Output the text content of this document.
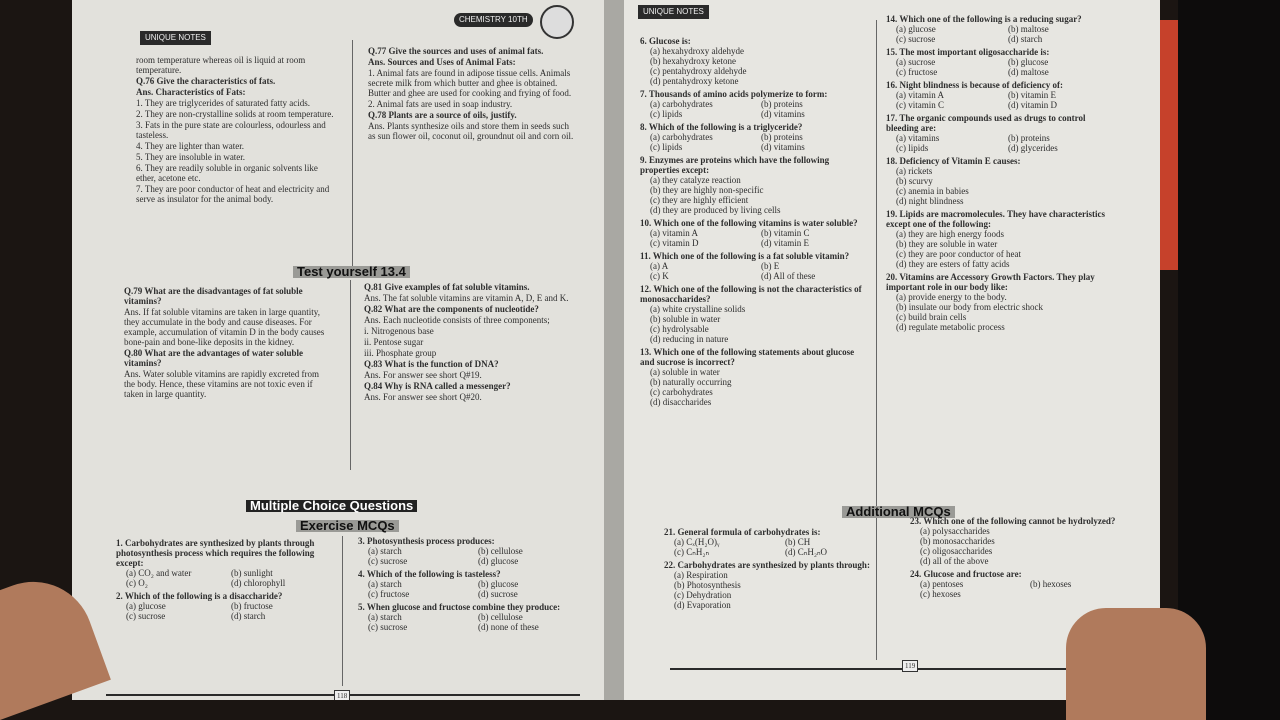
UNIQUE NOTES
CHEMISTRY 10TH

room temperature whereas oil is liquid at room temperature.

Q.76 Give the characteristics of fats.

Ans. Characteristics of Fats:

1. They are triglycerides of saturated fatty acids.

2. They are non-crystalline solids at room temperature.

3. Fats in the pure state are colourless, odourless and tasteless.

4. They are lighter than water.

5. They are insoluble in water.

6. They are readily soluble in organic solvents like ether, acetone etc.

7. They are poor conductor of heat and electricity and serve as insulator for the animal body.

Q.77 Give the sources and uses of animal fats.

Ans. Sources and Uses of Animal Fats:

1. Animal fats are found in adipose tissue cells. Animals secrete milk from which butter and ghee is obtained. Butter and ghee are used for cooking and frying of food.

2. Animal fats are used in soap industry.

Q.78 Plants are a source of oils, justify.

Ans. Plants synthesize oils and store them in seeds such as sun flower oil, coconut oil, groundnut oil and corn oil.

Test yourself 13.4

Q.79 What are the disadvantages of fat soluble vitamins?

Ans. If fat soluble vitamins are taken in large quantity, they accumulate in the body and cause diseases. For example, accumulation of vitamin D in the body causes bone-pain and bone-like deposits in the kidney.

Q.80 What are the advantages of water soluble vitamins?

Ans. Water soluble vitamins are rapidly excreted from the body. Hence, these vitamins are not toxic even if taken in large quantity.

Q.81 Give examples of fat soluble vitamins.

Ans. The fat soluble vitamins are vitamin A, D, E and K.

Q.82 What are the components of nucleotide?

Ans. Each nucleotide consists of three components;

i. Nitrogenous base

ii. Pentose sugar

iii. Phosphate group

Q.83 What is the function of DNA?

Ans. For answer see short Q#19.

Q.84 Why is RNA called a messenger?

Ans. For answer see short Q#20.

Multiple Choice Questions
Exercise MCQs
1. Carbohydrates are synthesized by plants through photosynthesis process which requires the following except:
(a) CO₂ and water	(b) sunlight
(c) O₂	(d) chlorophyll
2. Which of the following is a disaccharide?
(a) glucose	(b) fructose
(c) sucrose	(d) starch
3. Photosynthesis process produces:
(a) starch	(b) cellulose
(c) sucrose	(d) glucose
4. Which of the following is tasteless?
(a) starch	(b) glucose
(c) fructose	(d) sucrose
5. When glucose and fructose combine they produce:
(a) starch	(b) cellulose
(c) sucrose	(d) none of these
118
UNIQUE NOTES
6. Glucose is:
(a) hexahydroxy aldehyde
(b) hexahydroxy ketone
(c) pentahydroxy aldehyde
(d) pentahydroxy ketone
7. Thousands of amino acids polymerize to form:
(a) carbohydrates	(b) proteins
(c) lipids	(d) vitamins
8. Which of the following is a triglyceride?
(a) carbohydrates	(b) proteins
(c) lipids	(d) vitamins
9. Enzymes are proteins which have the following properties except:
(a) they catalyze reaction
(b) they are highly non-specific
(c) they are highly efficient
(d) they are produced by living cells
10. Which one of the following vitamins is water soluble?
(a) vitamin A	(b) vitamin C
(c) vitamin D	(d) vitamin E
11. Which one of the following is a fat soluble vitamin?
(a) A	(b) E
(c) K	(d) All of these
12. Which one of the following is not the characteristics of monosaccharides?
(a) white crystalline solids
(b) soluble in water
(c) hydrolysable
(d) reducing in nature
13. Which one of the following statements about glucose and sucrose is incorrect?
(a) soluble in water
(b) naturally occurring
(c) carbohydrates
(d) disaccharides
14. Which one of the following is a reducing sugar?
(a) glucose	(b) maltose
(c) sucrose	(d) starch
15. The most important oligosaccharide is:
(a) sucrose	(b) glucose
(c) fructose	(d) maltose
16. Night blindness is because of deficiency of:
(a) vitamin A	(b) vitamin E
(c) vitamin C	(d) vitamin D
17. The organic compounds used as drugs to control bleeding are:
(a) vitamins	(b) proteins
(c) lipids	(d) glycerides
18. Deficiency of Vitamin E causes:
(a) rickets
(b) scurvy
(c) anemia in babies
(d) night blindness
19. Lipids are macromolecules. They have characteristics except one of the following:
(a) they are high energy foods
(b) they are soluble in water
(c) they are poor conductor of heat
(d) they are esters of fatty acids
20. Vitamins are Accessory Growth Factors. They play important role in our body like:
(a) provide energy to the body.
(b) insulate our body from electric shock
(c) build brain cells
(d) regulate metabolic process
Additional MCQs
21. General formula of carbohydrates is:
(a) Cₓ(H₂O)ᵧ	(b) CH
(c) CₙH₂ₙ	(d) CₙH₂ₙO
22. Carbohydrates are synthesized by plants through:
(a) Respiration
(b) Photosynthesis
(c) Dehydration
(d) Evaporation
23. Which one of the following cannot be hydrolyzed?
(a) polysaccharides
(b) monosaccharides
(c) oligosaccharides
(d) all of the above
24. Glucose and fructose are:
(a) pentoses	(b) hexoses
(c) hexoses
119
